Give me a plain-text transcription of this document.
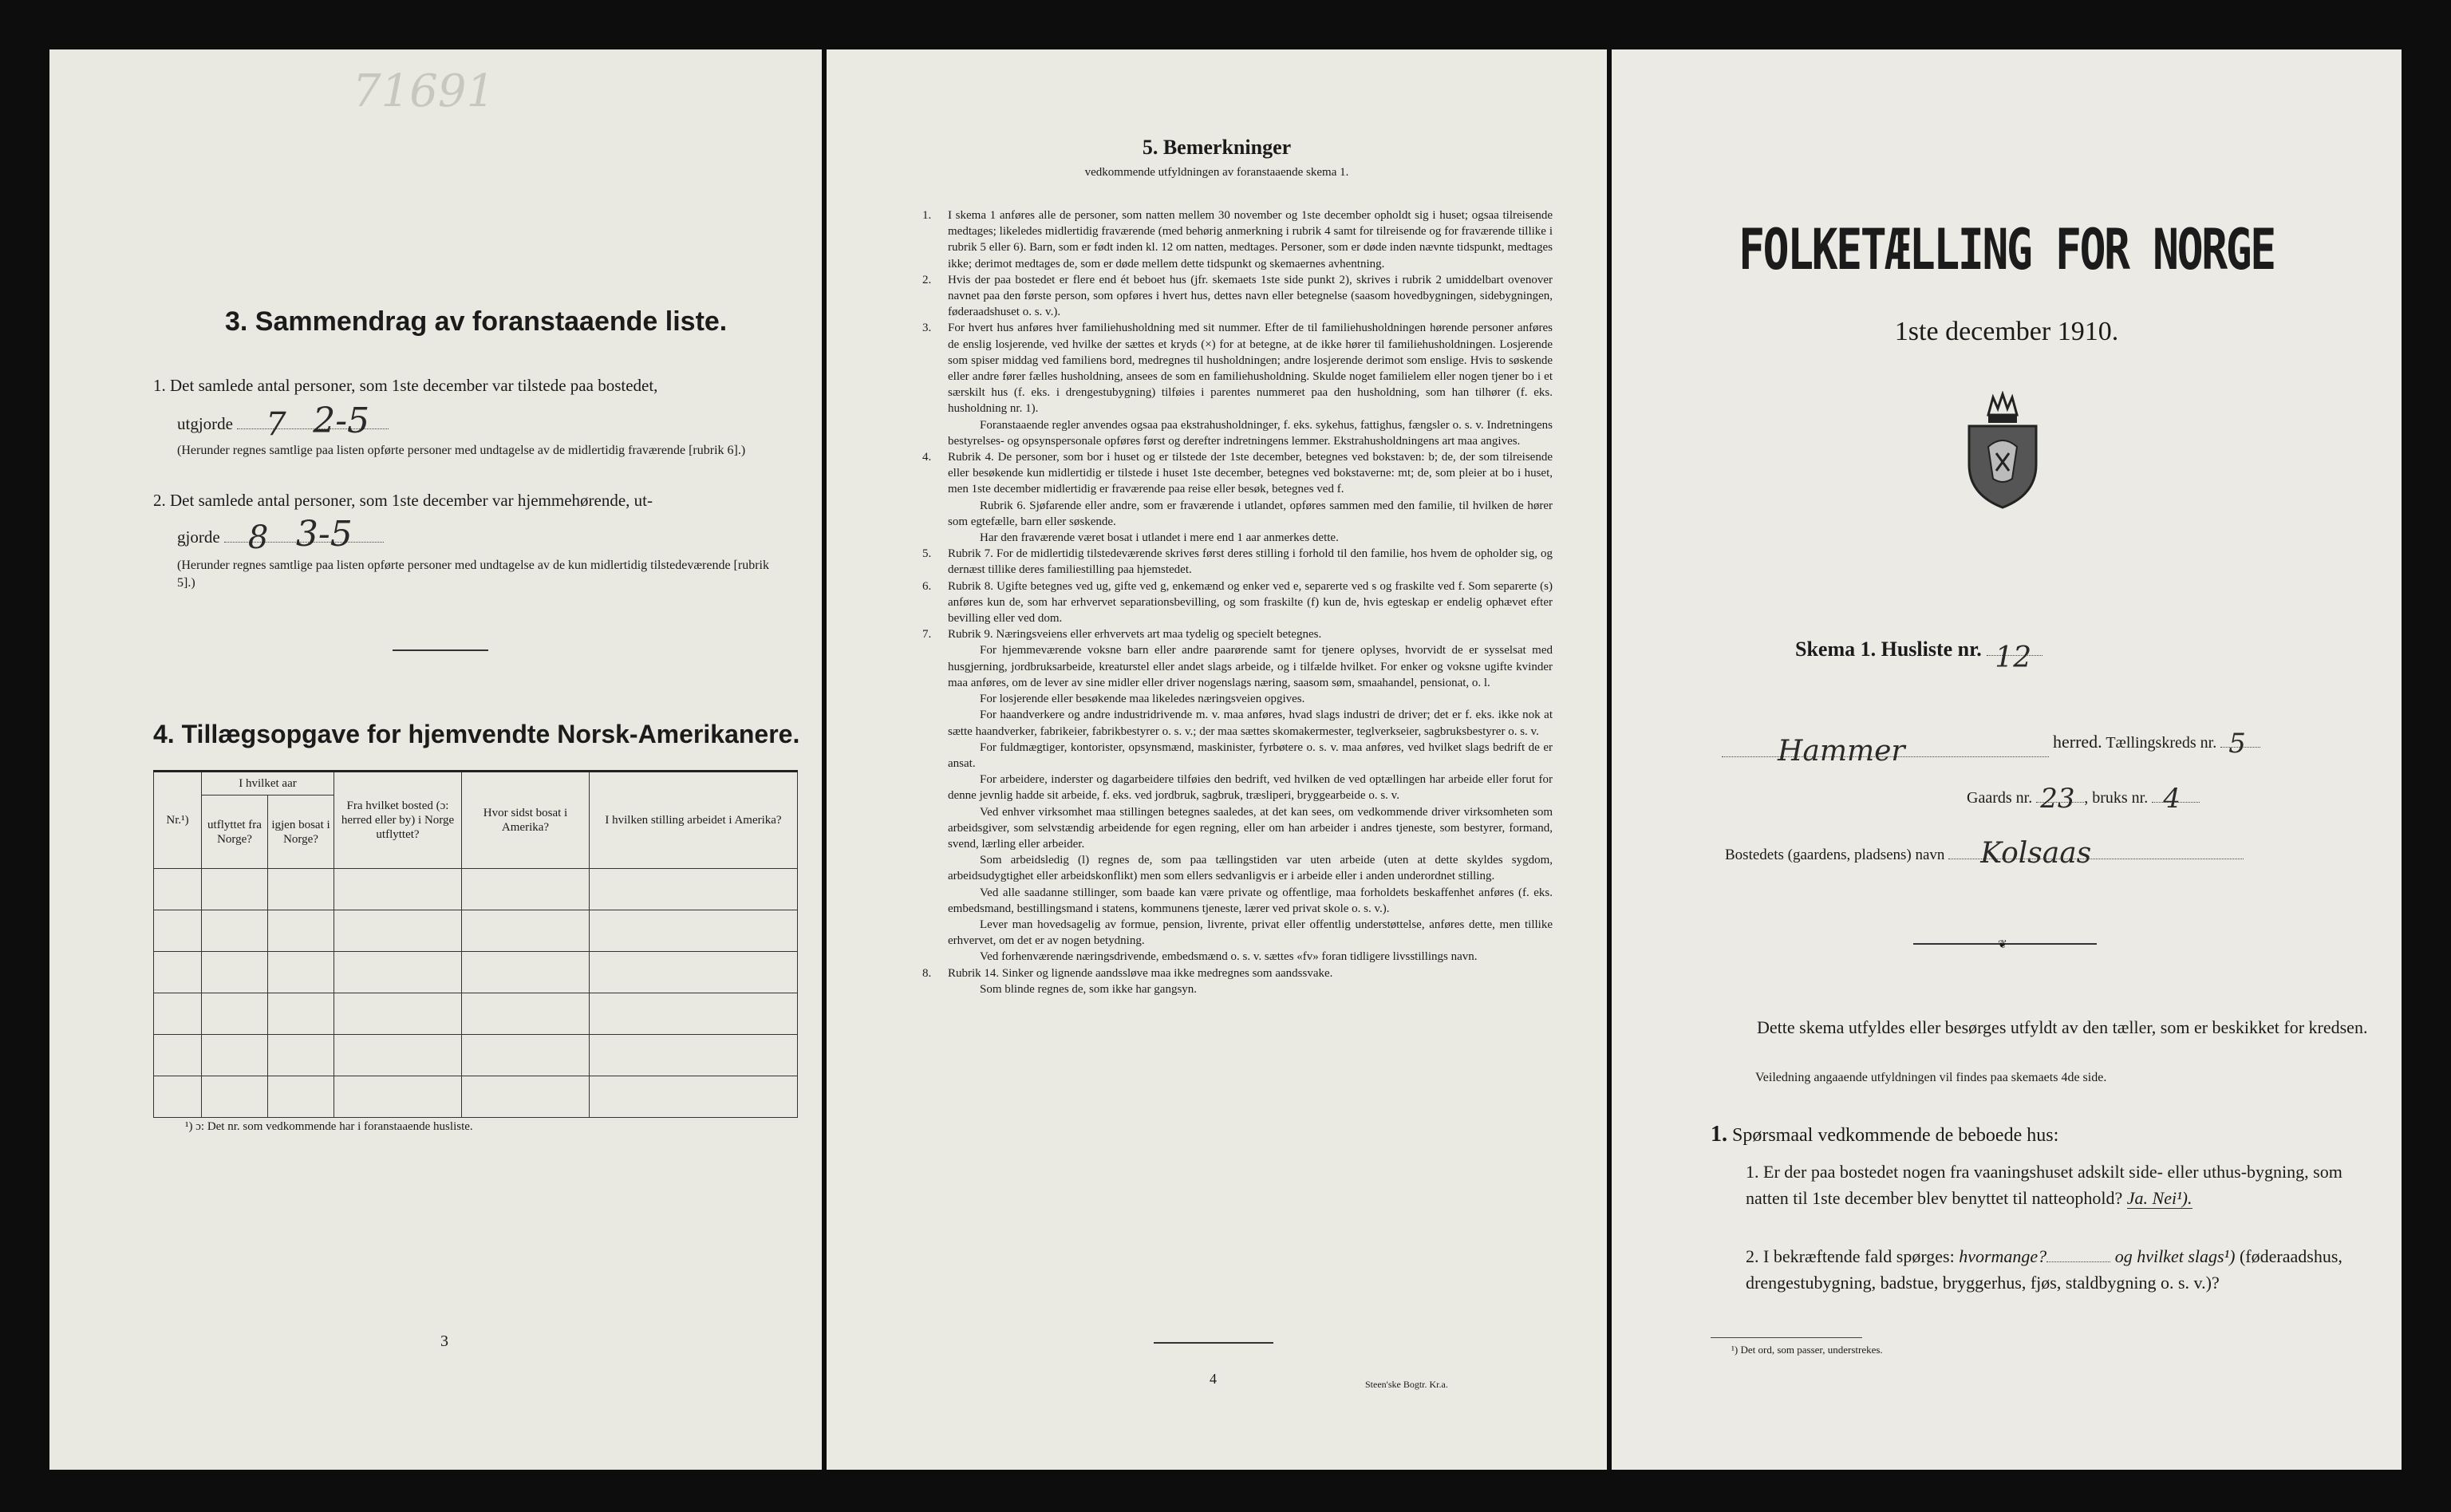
71691
3. Sammendrag av foranstaaende liste.
1. Det samlede antal personer, som 1ste december var tilstede paa bostedet,
utgjorde 7 2-5
(Herunder regnes samtlige paa listen opførte personer med undtagelse av de midlertidig fraværende [rubrik 6].)
2. Det samlede antal personer, som 1ste december var hjemmehørende, ut-
gjorde 8 3-5
(Herunder regnes samtlige paa listen opførte personer med undtagelse av de kun midlertidig tilstedeværende [rubrik 5].)
4. Tillægsopgave for hjemvendte Norsk-Amerikanere.
Nr.¹)	I hvilket aar		Fra hvilket bosted (ɔ: herred eller by) i Norge utflyttet?	Hvor sidst bosat i Amerika?	I hvilken stilling arbeidet i Amerika?
	utflyttet fra Norge?	igjen bosat i Norge?			

¹) ɔ: Det nr. som vedkommende har i foranstaaende husliste.
3
5. Bemerkninger
vedkommende utfyldningen av foranstaaende skema 1.
1.	I skema 1 anføres alle de personer, som natten mellem 30 november og 1ste december opholdt sig i huset; ogsaa tilreisende medtages; likeledes midlertidig fraværende (med behørig anmerkning i rubrik 4 samt for tilreisende og for fraværende tillike i rubrik 5 eller 6). Barn, som er født inden kl. 12 om natten, medtages. Personer, som er døde inden nævnte tidspunkt, medtages ikke; derimot medtages de, som er døde mellem dette tidspunkt og skemaernes avhentning.
2.	Hvis der paa bostedet er flere end ét beboet hus (jfr. skemaets 1ste side punkt 2), skrives i rubrik 2 umiddelbart ovenover navnet paa den første person, som opføres i hvert hus, dettes navn eller betegnelse (saasom hovedbygningen, sidebygningen, føderaadshuset o. s. v.).
3.	For hvert hus anføres hver familiehusholdning med sit nummer. Efter de til familiehusholdningen hørende personer anføres de enslig losjerende, ved hvilke der sættes et kryds (×) for at betegne, at de ikke hører til familiehusholdningen. Losjerende som spiser middag ved familiens bord, medregnes til husholdningen; andre losjerende derimot som enslige. Hvis to søskende eller andre fører fælles husholdning, ansees de som en familiehusholdning. Skulde noget familielem eller nogen tjener bo i et særskilt hus (f. eks. i drengestubygning) tilføies i parentes nummeret paa den husholdning, som han tilhører (f. eks. husholdning nr. 1).
Foranstaaende regler anvendes ogsaa paa ekstrahusholdninger, f. eks. sykehus, fattighus, fængsler o. s. v. Indretningens bestyrelses- og opsynspersonale opføres først og derefter indretningens lemmer. Ekstrahusholdningens art maa angives.
4.	Rubrik 4. De personer, som bor i huset og er tilstede der 1ste december, betegnes ved bokstaven: b; de, der som tilreisende eller besøkende kun midlertidig er tilstede i huset 1ste december, betegnes ved bokstaverne: mt; de, som pleier at bo i huset, men 1ste december midlertidig er fraværende paa reise eller besøk, betegnes ved f.
Rubrik 6. Sjøfarende eller andre, som er fraværende i utlandet, opføres sammen med den familie, til hvilken de hører som egtefælle, barn eller søskende.
Har den fraværende været bosat i utlandet i mere end 1 aar anmerkes dette.
5.	Rubrik 7. For de midlertidig tilstedeværende skrives først deres stilling i forhold til den familie, hos hvem de opholder sig, og dernæst tillike deres familiestilling paa hjemstedet.
6.	Rubrik 8. Ugifte betegnes ved ug, gifte ved g, enkemænd og enker ved e, separerte ved s og fraskilte ved f. Som separerte (s) anføres kun de, som har erhvervet separationsbevilling, og som fraskilte (f) kun de, hvis egteskap er endelig ophævet efter bevilling eller ved dom.
7.	Rubrik 9. Næringsveiens eller erhvervets art maa tydelig og specielt betegnes.
For hjemmeværende voksne barn eller andre paarørende samt for tjenere oplyses, hvorvidt de er sysselsat med husgjerning, jordbruksarbeide, kreaturstel eller andet slags arbeide, og i tilfælde hvilket. For enker og voksne ugifte kvinder maa anføres, om de lever av sine midler eller driver nogenslags næring, saasom søm, smaahandel, pensionat, o. l.
For losjerende eller besøkende maa likeledes næringsveien opgives.
For haandverkere og andre industridrivende m. v. maa anføres, hvad slags industri de driver; det er f. eks. ikke nok at sætte haandverker, fabrikeier, fabrikbestyrer o. s. v.; der maa sættes skomakermester, teglverkseier, sagbruksbestyrer o. s. v.
For fuldmægtiger, kontorister, opsynsmænd, maskinister, fyrbøtere o. s. v. maa anføres, ved hvilket slags bedrift de er ansat.
For arbeidere, inderster og dagarbeidere tilføies den bedrift, ved hvilken de ved optællingen har arbeide eller forut for denne jevnlig hadde sit arbeide, f. eks. ved jordbruk, sagbruk, træsliperi, bryggearbeide o. s. v.
Ved enhver virksomhet maa stillingen betegnes saaledes, at det kan sees, om vedkommende driver virksomheten som arbeidsgiver, som selvstændig arbeidende for egen regning, eller om han arbeider i andres tjeneste, som bestyrer, formand, svend, lærling eller arbeider.
Som arbeidsledig (l) regnes de, som paa tællingstiden var uten arbeide (uten at dette skyldes sygdom, arbeidsudygtighet eller arbeidskonflikt) men som ellers sedvanligvis er i arbeide eller i anden underordnet stilling.
Ved alle saadanne stillinger, som baade kan være private og offentlige, maa forholdets beskaffenhet anføres (f. eks. embedsmand, bestillingsmand i statens, kommunens tjeneste, lærer ved privat skole o. s. v.).
Lever man hovedsagelig av formue, pension, livrente, privat eller offentlig understøttelse, anføres dette, men tillike erhvervet, om det er av nogen betydning.
Ved forhenværende næringsdrivende, embedsmænd o. s. v. sættes «fv» foran tidligere livsstillings navn.
8.	Rubrik 14. Sinker og lignende aandssløve maa ikke medregnes som aandssvake.
Som blinde regnes de, som ikke har gangsyn.
4	Steen'ske Bogtr. Kr.a.
FOLKETÆLLING FOR NORGE
1ste december 1910.
Skema 1. Husliste nr. 12
Hammer	herred. Tællingskreds nr. 5
Gaards nr. 23 , bruks nr. 4
Bostedets (gaardens, pladsens) navn Kolsaas
❦
Dette skema utfyldes eller besørges utfyldt av den tæller, som er beskikket for kredsen.
Veiledning angaaende utfyldningen vil findes paa skemaets 4de side.
1. Spørsmaal vedkommende de beboede hus:
1. Er der paa bostedet nogen fra vaaningshuset adskilt side- eller uthus-bygning, som natten til 1ste december blev benyttet til natteophold? Ja. Nei¹).
2. I bekræftende fald spørges: hvormange?	og hvilket slags¹) (føderaadshus, drengestubygning, badstue, bryggerhus, fjøs, staldbygning o. s. v.)?
¹) Det ord, som passer, understrekes.
